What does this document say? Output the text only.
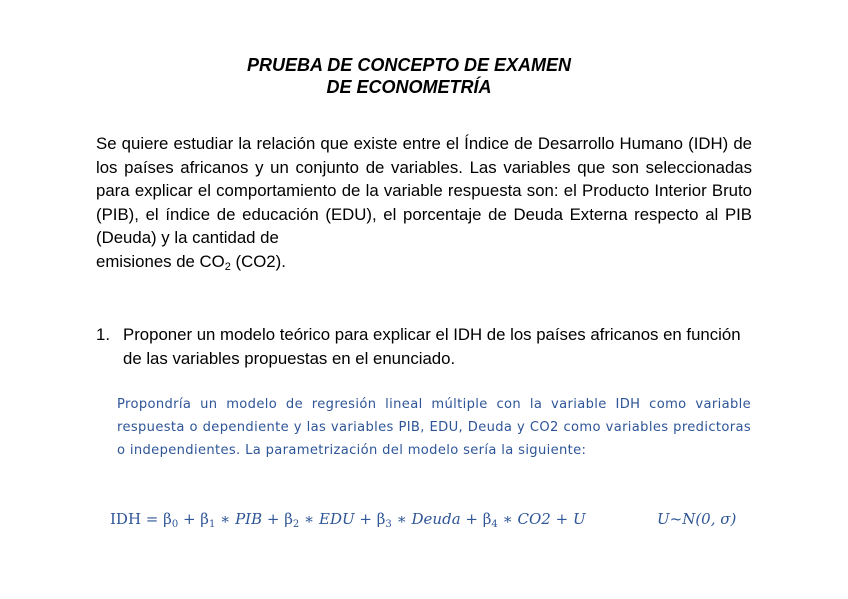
PRUEBA DE CONCEPTO DE EXAMEN
DE ECONOMETRÍA

Se quiere estudiar la relación que existe entre el Índice de Desarrollo Humano (IDH) de los países africanos y un conjunto de variables. Las variables que son seleccionadas para explicar el comportamiento de la variable respuesta son: el Producto Interior Bruto (PIB), el índice de educación (EDU), el porcentaje de Deuda Externa respecto al PIB (Deuda) y la cantidad de
emisiones de $CO_2$ (CO2).

1. Proponer un modelo teórico para explicar el IDH de los países africanos en función de las variables propuestas en el enunciado.

Propondría un modelo de regresión lineal múltiple con la variable IDH como variable respuesta o dependiente y las variables PIB, EDU, Deuda y CO2 como variables predictoras o independientes. La parametrización del modelo sería la siguiente:

IDH = $\beta_0 + \beta_1$ ∗ PIB + $\beta_2$ ∗ EDU + $\beta_3$ ∗ Deuda + $\beta_4$ ∗ CO2 + U	U~N(0, σ)
